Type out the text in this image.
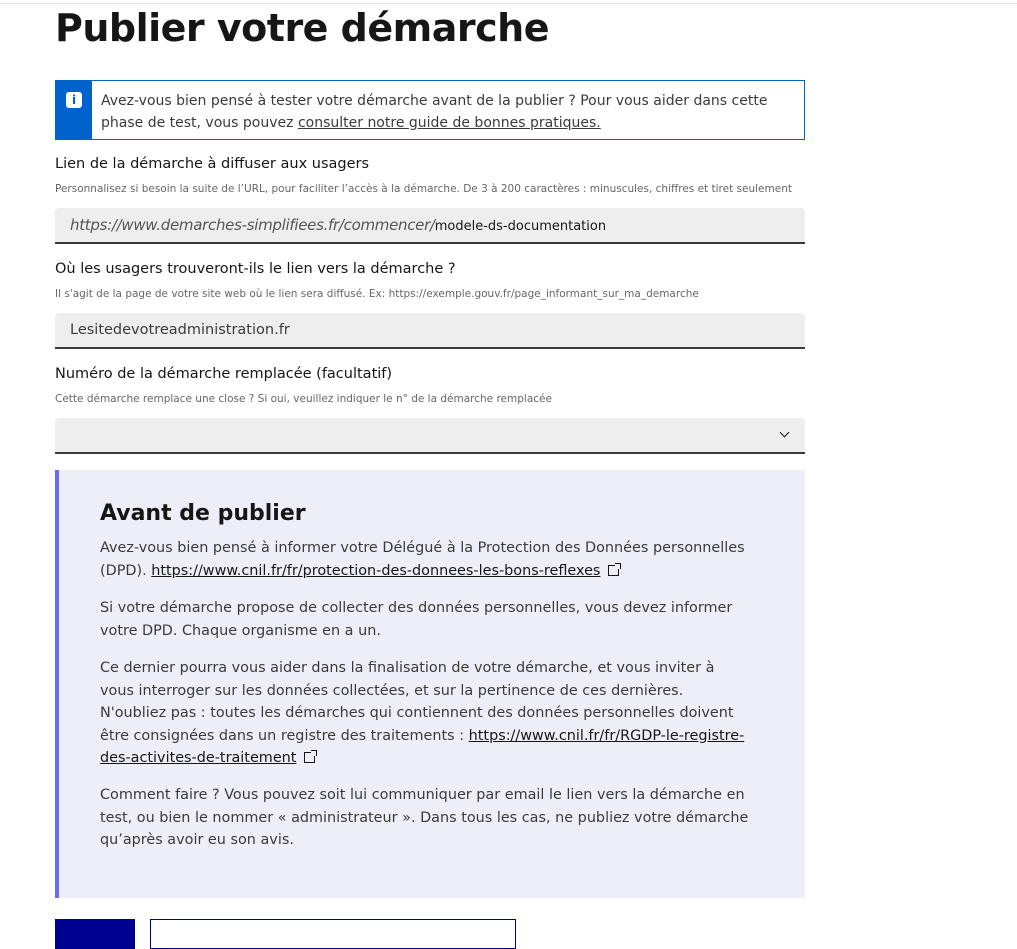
Publier votre démarche
i	Avez-vous bien pensé à tester votre démarche avant de la publier ? Pour vous aider dans cette phase de test, vous pouvez consulter notre guide de bonnes pratiques.
Lien de la démarche à diffuser aux usagers
Personnalisez si besoin la suite de l’URL, pour faciliter l’accès à la démarche. De 3 à 200 caractères : minuscules, chiffres et tiret seulement
https://www.demarches-simplifiees.fr/commencer/modele-ds-documentation
Où les usagers trouveront-ils le lien vers la démarche ?
Il s'agit de la page de votre site web où le lien sera diffusé. Ex: https://exemple.gouv.fr/page_informant_sur_ma_demarche
Lesitedevotreadministration.fr
Numéro de la démarche remplacée (facultatif)
Cette démarche remplace une close ? Si oui, veuillez indiquer le n° de la démarche remplacée
Avant de publier

Avez-vous bien pensé à informer votre Délégué à la Protection des Données personnelles (DPD). https://www.cnil.fr/fr/protection-des-donnees-les-bons-reflexes

Si votre démarche propose de collecter des données personnelles, vous devez informer votre DPD. Chaque organisme en a un.

Ce dernier pourra vous aider dans la finalisation de votre démarche, et vous inviter à vous interroger sur les données collectées, et sur la pertinence de ces dernières. N'oubliez pas : toutes les démarches qui contiennent des données personnelles doivent être consignées dans un registre des traitements : https://www.cnil.fr/fr/RGDP-le-registre-des-activites-de-traitement

Comment faire ? Vous pouvez soit lui communiquer par email le lien vers la démarche en test, ou bien le nommer « administrateur ». Dans tous les cas, ne publiez votre démarche qu’après avoir eu son avis.
